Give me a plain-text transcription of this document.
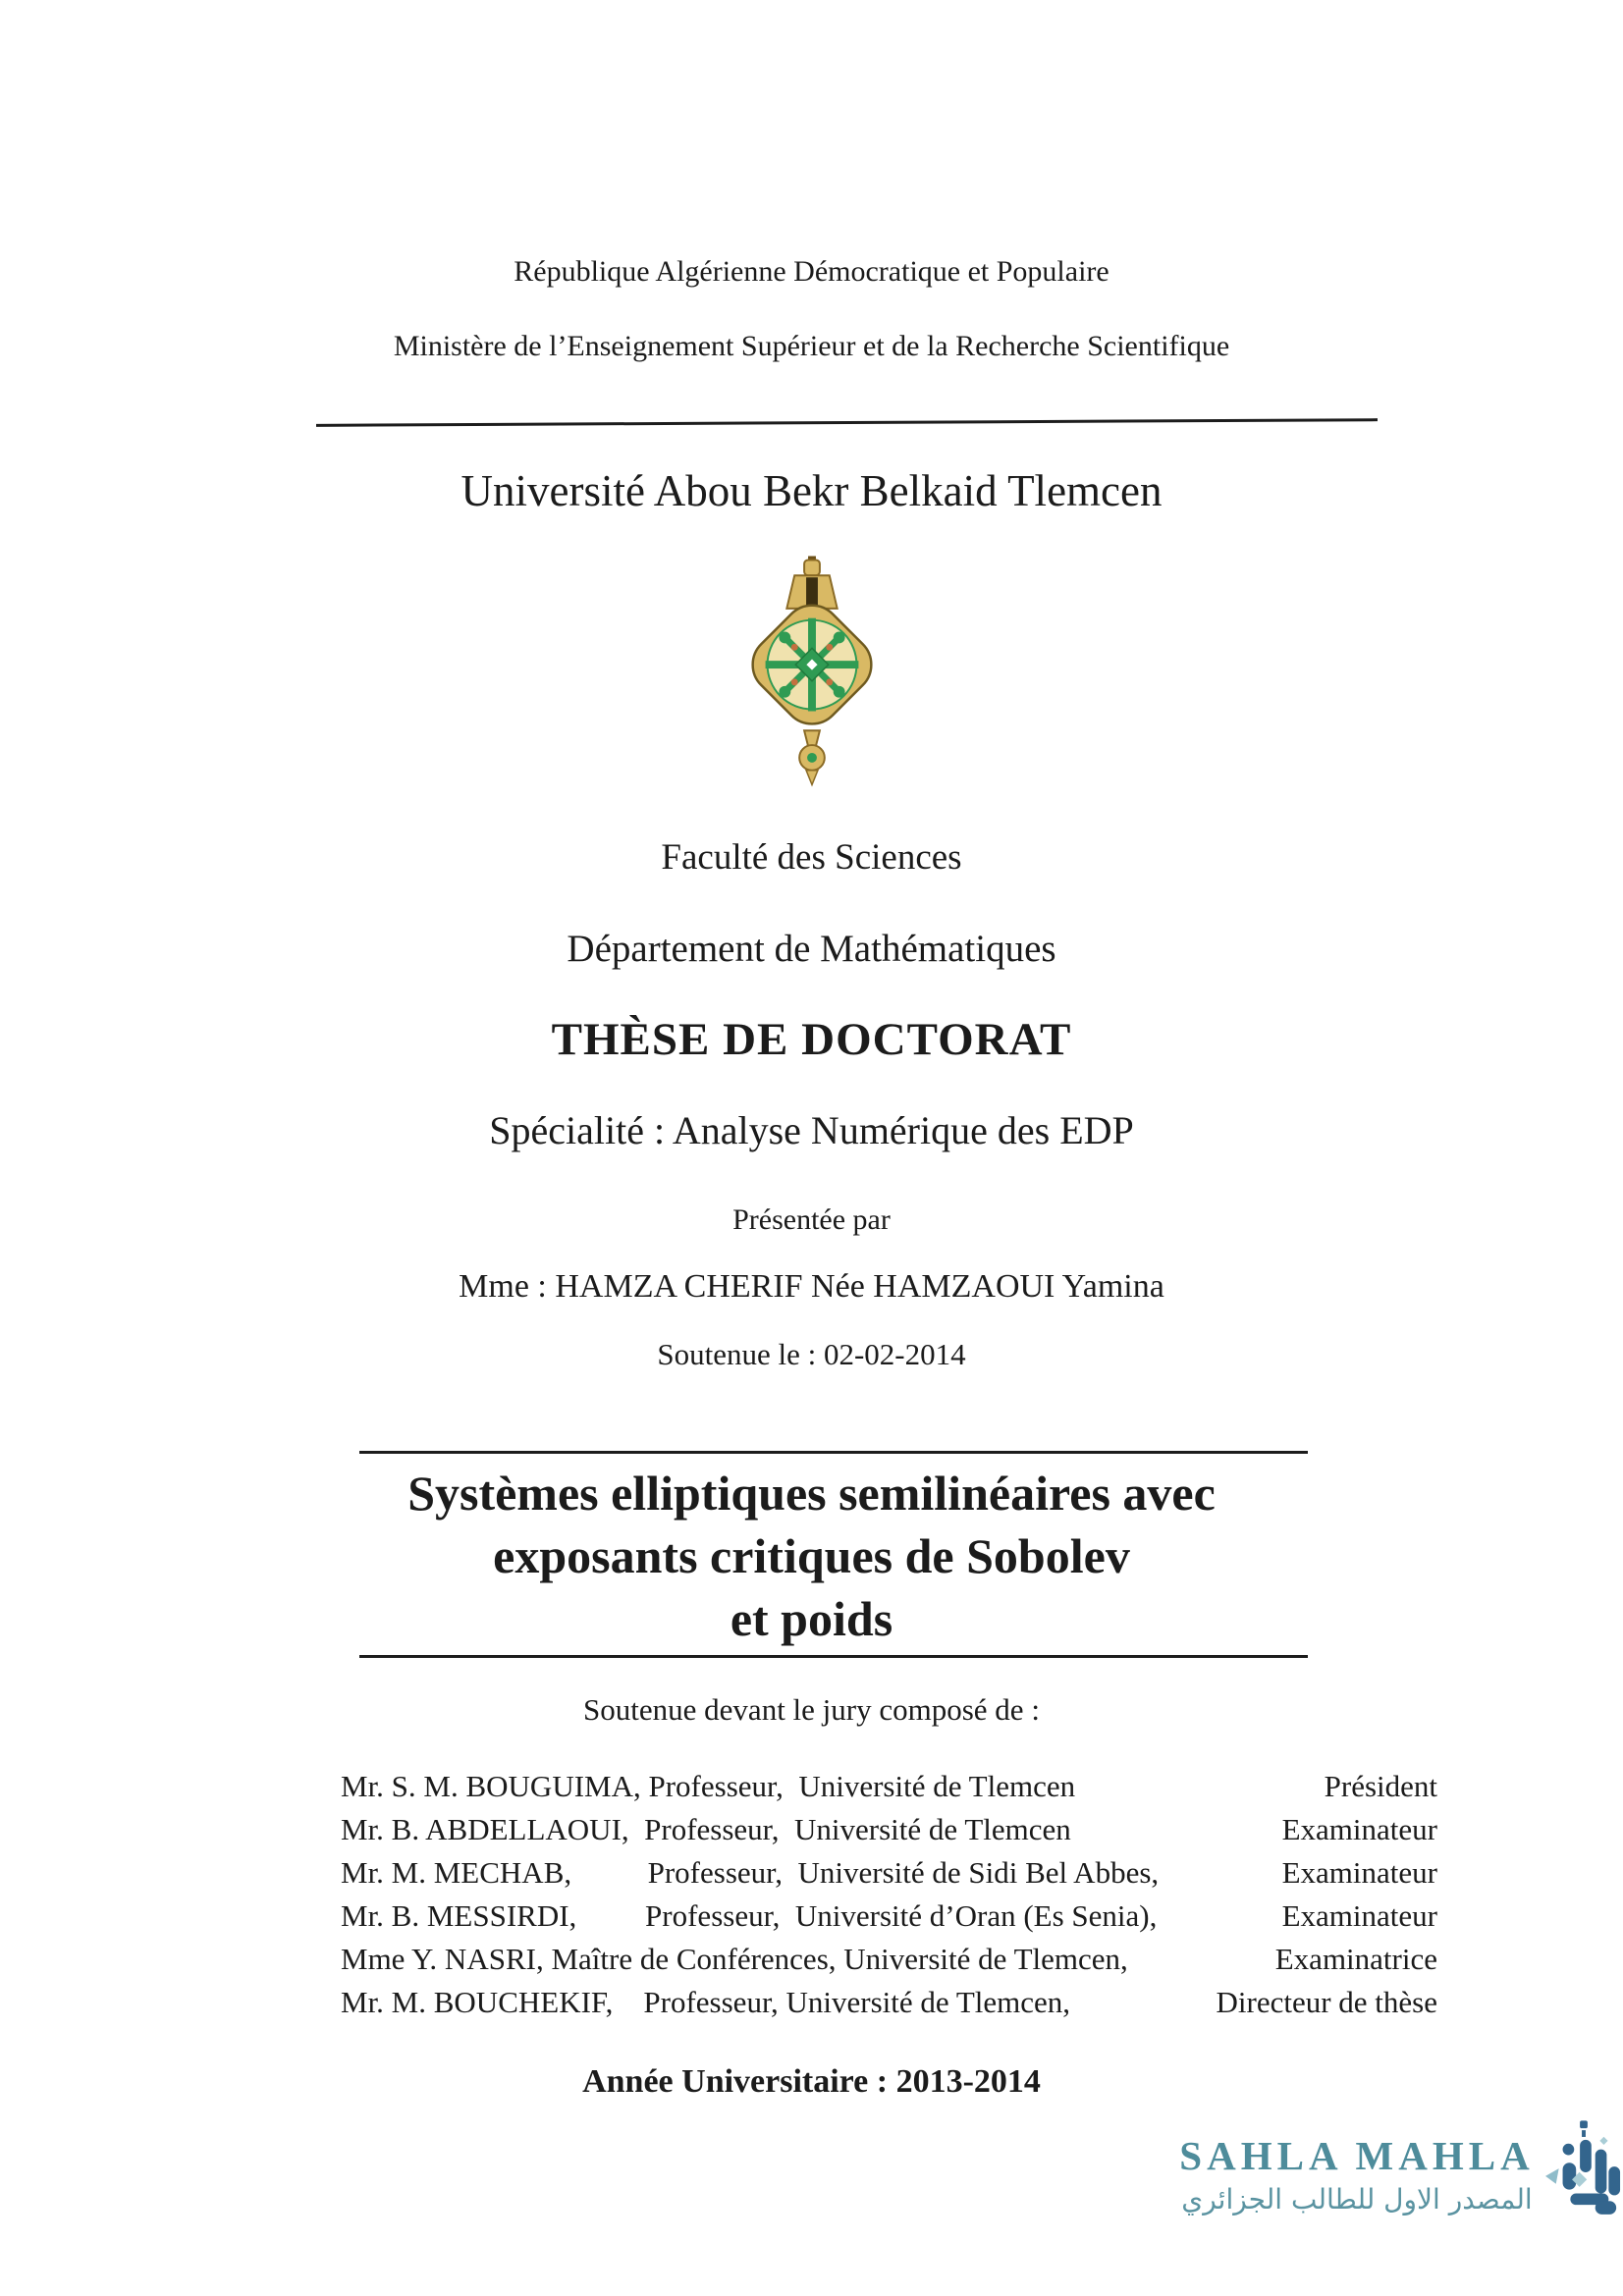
République Algérienne Démocratique et Populaire
Ministère de l’Enseignement Supérieur et de la Recherche Scientifique
Université Abou Bekr Belkaid Tlemcen
Faculté des Sciences
Département de Mathématiques
THÈSE DE DOCTORAT
Spécialité : Analyse Numérique des EDP
Présentée par
Mme : HAMZA CHERIF Née HAMZAOUI Yamina
Soutenue le : 02-02-2014
Systèmes elliptiques semilinéaires avec
exposants critiques de Sobolev
et poids
Soutenue devant le jury composé de :
Mr. S. M. BOUGUIMA, Professeur,  Université de Tlemcen	Président
Mr. B. ABDELLAOUI,  Professeur,  Université de Tlemcen	Examinateur
Mr. M. MECHAB,          Professeur,  Université de Sidi Bel Abbes,	Examinateur
Mr. B. MESSIRDI,         Professeur,  Université d’Oran (Es Senia),	Examinateur
Mme Y. NASRI, Maître de Conférences, Université de Tlemcen,	Examinatrice
Mr. M. BOUCHEKIF,    Professeur, Université de Tlemcen,	Directeur de thèse
Année Universitaire : 2013-2014
SAHLA MAHLA
المصدر الاول للطالب الجزائري
